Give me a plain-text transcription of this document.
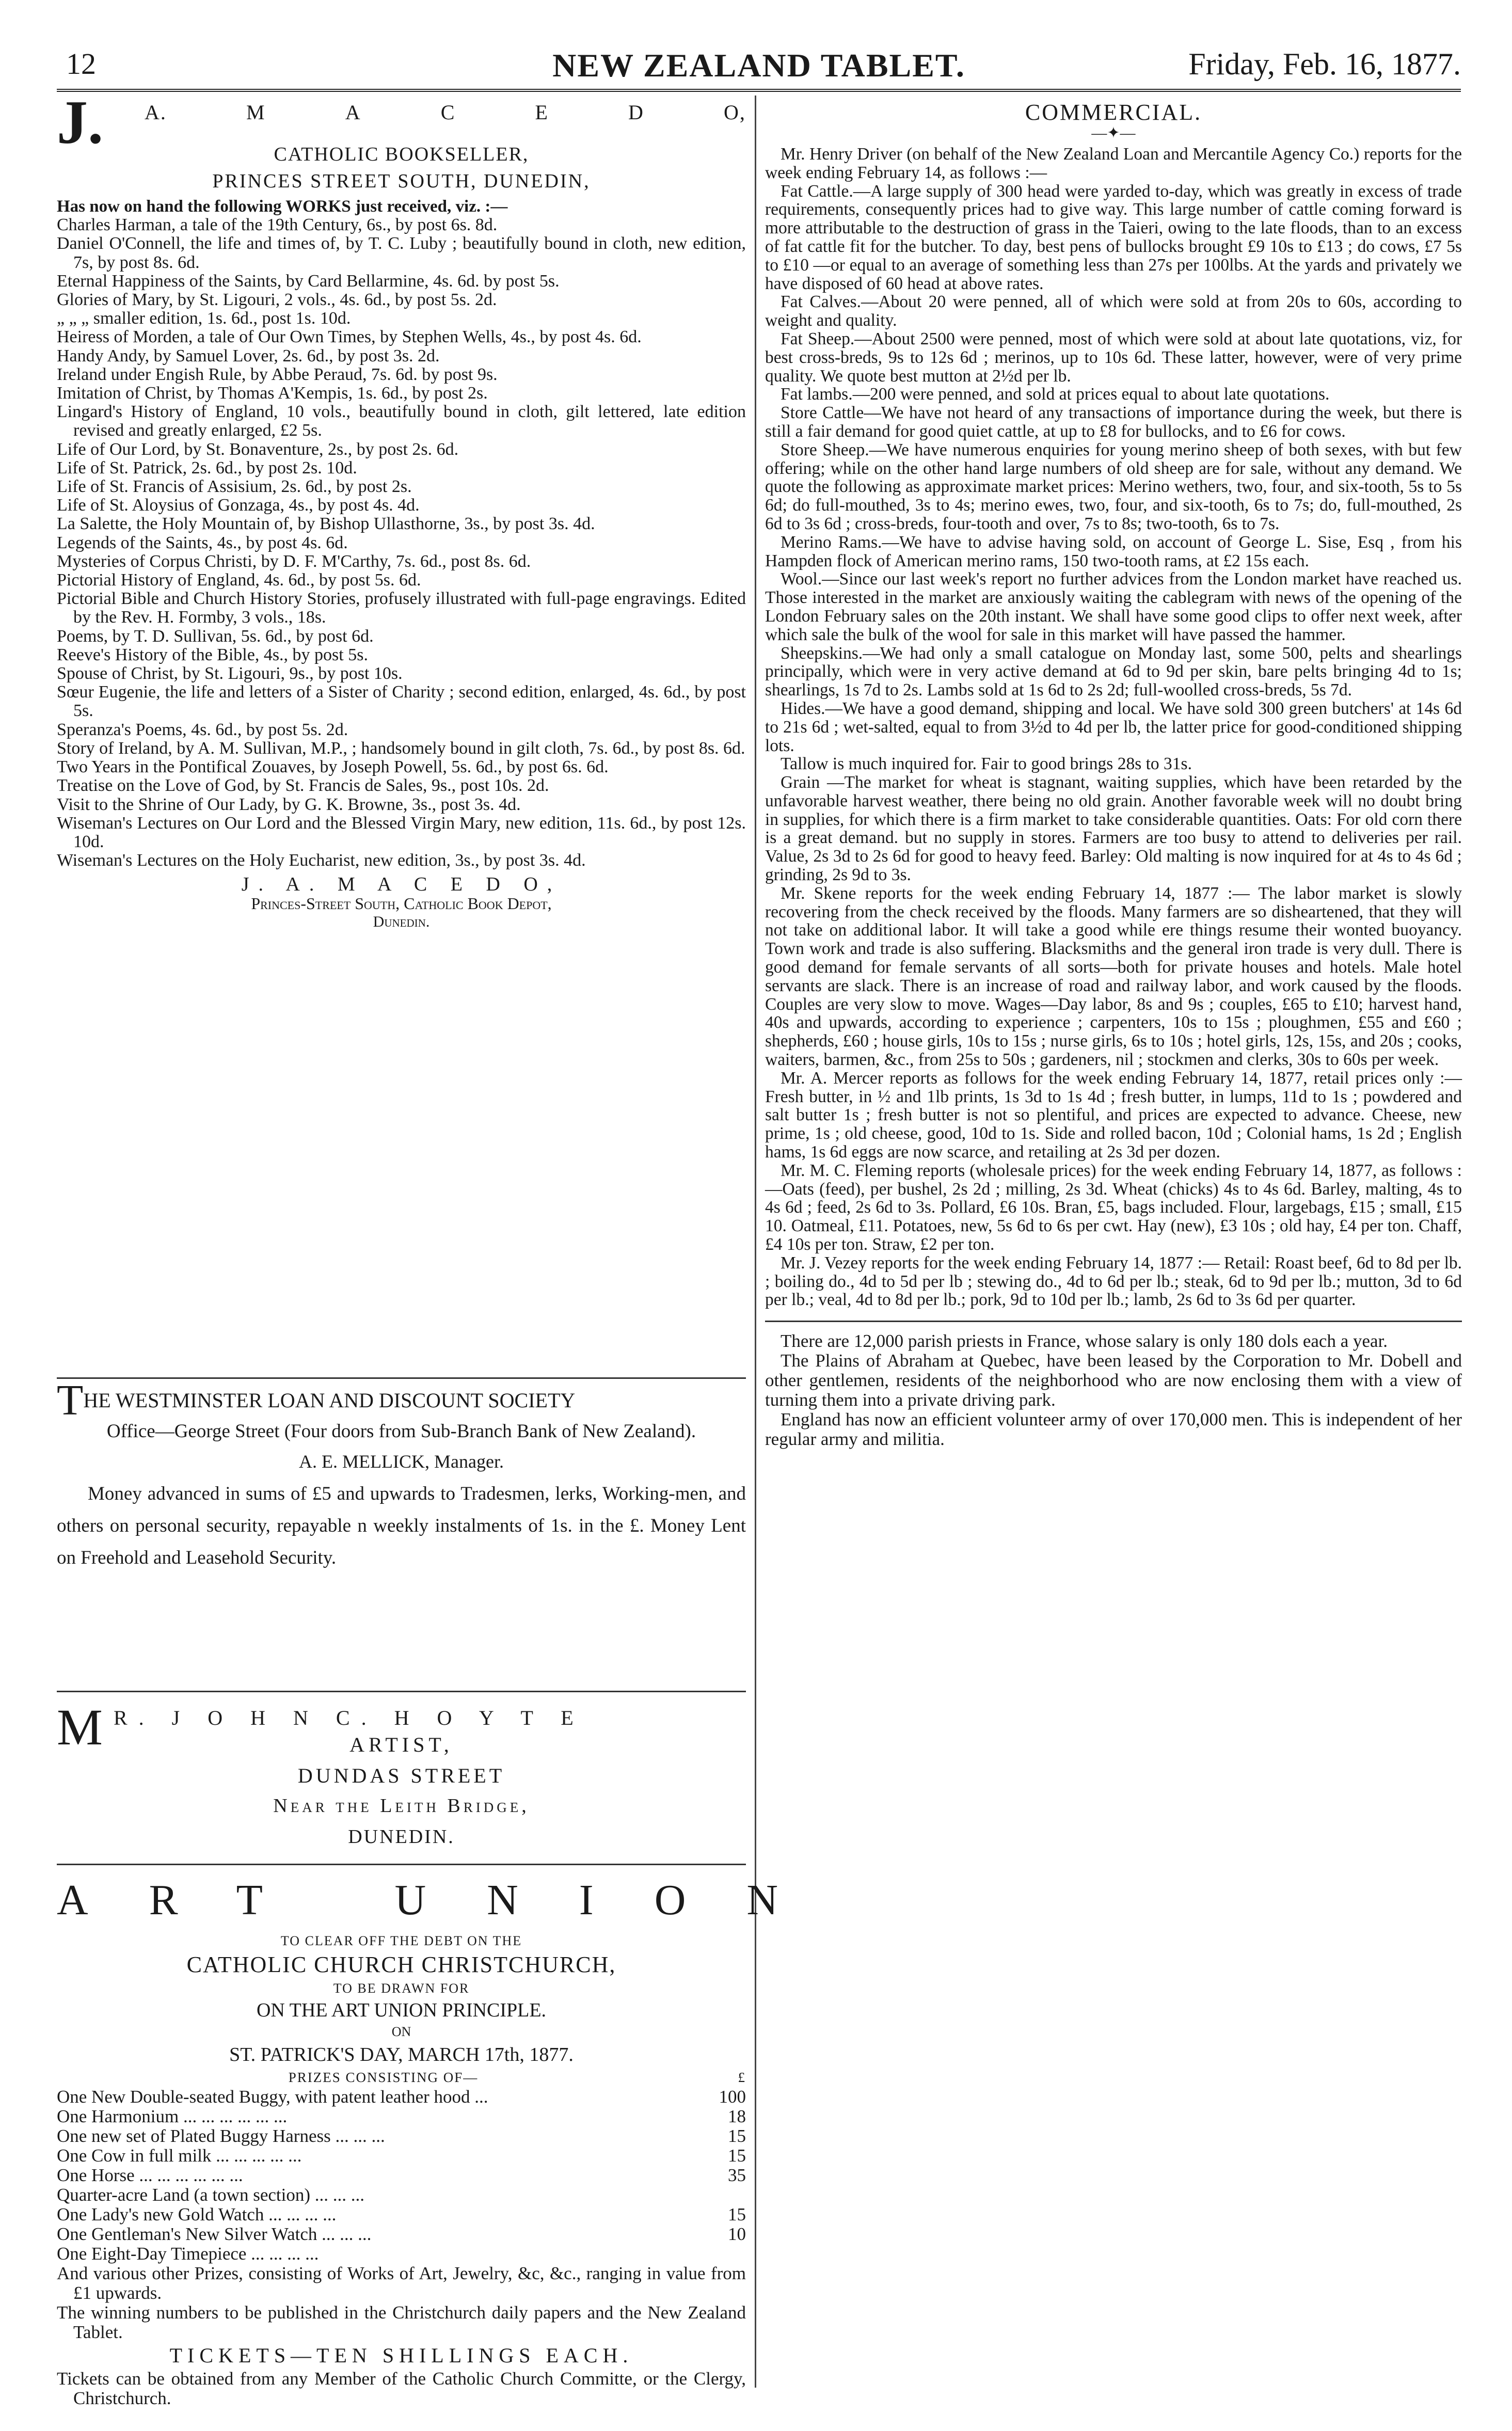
12	NEW ZEALAND TABLET.	Friday, Feb. 16, 1877.
J. A.	M	A	C	E	D	O,
CATHOLIC BOOKSELLER,
PRINCES STREET SOUTH, DUNEDIN,

Has now on hand the following WORKS just received, viz. :—

Charles Harman, a tale of the 19th Century, 6s., by post 6s. 8d.

Daniel O'Connell, the life and times of, by T. C. Luby ; beautifully bound in cloth, new edition, 7s, by post 8s. 6d.

Eternal Happiness of the Saints, by Card Bellarmine, 4s. 6d. by post 5s.

Glories of Mary, by St. Ligouri, 2 vols., 4s. 6d., by post 5s. 2d.

„ „ „ smaller edition, 1s. 6d., post 1s. 10d.

Heiress of Morden, a tale of Our Own Times, by Stephen Wells, 4s., by post 4s. 6d.

Handy Andy, by Samuel Lover, 2s. 6d., by post 3s. 2d.

Ireland under Engish Rule, by Abbe Peraud, 7s. 6d. by post 9s.

Imitation of Christ, by Thomas A'Kempis, 1s. 6d., by post 2s.

Lingard's History of England, 10 vols., beautifully bound in cloth, gilt lettered, late edition revised and greatly enlarged, £2 5s.

Life of Our Lord, by St. Bonaventure, 2s., by post 2s. 6d.

Life of St. Patrick, 2s. 6d., by post 2s. 10d.

Life of St. Francis of Assisium, 2s. 6d., by post 2s.

Life of St. Aloysius of Gonzaga, 4s., by post 4s. 4d.

La Salette, the Holy Mountain of, by Bishop Ullasthorne, 3s., by post 3s. 4d.

Legends of the Saints, 4s., by post 4s. 6d.

Mysteries of Corpus Christi, by D. F. M'Carthy, 7s. 6d., post 8s. 6d.

Pictorial History of England, 4s. 6d., by post 5s. 6d.

Pictorial Bible and Church History Stories, profusely illustrated with full-page engravings. Edited by the Rev. H. Formby, 3 vols., 18s.

Poems, by T. D. Sullivan, 5s. 6d., by post 6d.

Reeve's History of the Bible, 4s., by post 5s.

Spouse of Christ, by St. Ligouri, 9s., by post 10s.

Sœur Eugenie, the life and letters of a Sister of Charity ; second edition, enlarged, 4s. 6d., by post 5s.

Speranza's Poems, 4s. 6d., by post 5s. 2d.

Story of Ireland, by A. M. Sullivan, M.P., ; handsomely bound in gilt cloth, 7s. 6d., by post 8s. 6d.

Two Years in the Pontifical Zouaves, by Joseph Powell, 5s. 6d., by post 6s. 6d.

Treatise on the Love of God, by St. Francis de Sales, 9s., post 10s. 2d.

Visit to the Shrine of Our Lady, by G. K. Browne, 3s., post 3s. 4d.

Wiseman's Lectures on Our Lord and the Blessed Virgin Mary, new edition, 11s. 6d., by post 12s. 10d.

Wiseman's Lectures on the Holy Eucharist, new edition, 3s., by post 3s. 4d.

J. A. M A C E D O,

Princes-Street South, Catholic Book Depot,

Dunedin.

THE WESTMINSTER LOAN AND DISCOUNT SOCIETY

Office—George Street (Four doors from Sub-Branch Bank of New Zealand).

A. E. MELLICK, Manager.

Money advanced in sums of £5 and upwards to Tradesmen, lerks, Working-men, and others on personal security, repayable n weekly instalments of 1s. in the £. Money Lent on Freehold and Leasehold Security.

M R. J O H N C. H O Y T E
ARTIST,
DUNDAS STREET
Near the Leith Bridge,
DUNEDIN.
ART UNION

TO CLEAR OFF THE DEBT ON THE

CATHOLIC CHURCH CHRISTCHURCH,

TO BE DRAWN FOR

ON THE ART UNION PRINCIPLE.

ON

ST. PATRICK'S DAY, MARCH 17th, 1877.

PRIZES CONSISTING OF—	£
One New Double-seated Buggy, with patent leather hood ...	100
One Harmonium ... ... ... ... ... ...	18
One new set of Plated Buggy Harness ... ... ...	15
One Cow in full milk ... ... ... ... ...	15
One Horse ... ... ... ... ... ...	35
Quarter-acre Land (a town section) ... ... ...
One Lady's new Gold Watch ... ... ... ...	15
One Gentleman's New Silver Watch ... ... ...	10
One Eight-Day Timepiece ... ... ... ...

And various other Prizes, consisting of Works of Art, Jewelry, &c, &c., ranging in value from £1 upwards.

The winning numbers to be published in the Christchurch daily papers and the New Zealand Tablet.

TICKETS—TEN SHILLINGS EACH.

Tickets can be obtained from any Member of the Catholic Church Committe, or the Clergy, Christchurch.

COMMERCIAL.
—✦—

Mr. Henry Driver (on behalf of the New Zealand Loan and Mercantile Agency Co.) reports for the week ending February 14, as follows :—

Fat Cattle.—A large supply of 300 head were yarded to-day, which was greatly in excess of trade requirements, consequently prices had to give way. This large number of cattle coming forward is more attributable to the destruction of grass in the Taieri, owing to the late floods, than to an excess of fat cattle fit for the butcher. To day, best pens of bullocks brought £9 10s to £13 ; do cows, £7 5s to £10 —or equal to an average of something less than 27s per 100lbs. At the yards and privately we have disposed of 60 head at above rates.

Fat Calves.—About 20 were penned, all of which were sold at from 20s to 60s, according to weight and quality.

Fat Sheep.—About 2500 were penned, most of which were sold at about late quotations, viz, for best cross-breds, 9s to 12s 6d ; merinos, up to 10s 6d. These latter, however, were of very prime quality. We quote best mutton at 2½d per lb.

Fat lambs.—200 were penned, and sold at prices equal to about late quotations.

Store Cattle—We have not heard of any transactions of importance during the week, but there is still a fair demand for good quiet cattle, at up to £8 for bullocks, and to £6 for cows.

Store Sheep.—We have numerous enquiries for young merino sheep of both sexes, with but few offering; while on the other hand large numbers of old sheep are for sale, without any demand. We quote the following as approximate market prices: Merino wethers, two, four, and six-tooth, 5s to 5s 6d; do full-mouthed, 3s to 4s; merino ewes, two, four, and six-tooth, 6s to 7s; do, full-mouthed, 2s 6d to 3s 6d ; cross-breds, four-tooth and over, 7s to 8s; two-tooth, 6s to 7s.

Merino Rams.—We have to advise having sold, on account of George L. Sise, Esq , from his Hampden flock of American merino rams, 150 two-tooth rams, at £2 15s each.

Wool.—Since our last week's report no further advices from the London market have reached us. Those interested in the market are anxiously waiting the cablegram with news of the opening of the London February sales on the 20th instant. We shall have some good clips to offer next week, after which sale the bulk of the wool for sale in this market will have passed the hammer.

Sheepskins.—We had only a small catalogue on Monday last, some 500, pelts and shearlings principally, which were in very active demand at 6d to 9d per skin, bare pelts bringing 4d to 1s; shearlings, 1s 7d to 2s. Lambs sold at 1s 6d to 2s 2d; full-woolled cross-breds, 5s 7d.

Hides.—We have a good demand, shipping and local. We have sold 300 green butchers' at 14s 6d to 21s 6d ; wet-salted, equal to from 3½d to 4d per lb, the latter price for good-conditioned shipping lots.

Tallow is much inquired for. Fair to good brings 28s to 31s.

Grain —The market for wheat is stagnant, waiting supplies, which have been retarded by the unfavorable harvest weather, there being no old grain. Another favorable week will no doubt bring in supplies, for which there is a firm market to take considerable quantities. Oats: For old corn there is a great demand. but no supply in stores. Farmers are too busy to attend to deliveries per rail. Value, 2s 3d to 2s 6d for good to heavy feed. Barley: Old malting is now inquired for at 4s to 4s 6d ; grinding, 2s 9d to 3s.

Mr. Skene reports for the week ending February 14, 1877 :— The labor market is slowly recovering from the check received by the floods. Many farmers are so disheartened, that they will not take on additional labor. It will take a good while ere things resume their wonted buoyancy. Town work and trade is also suffering. Blacksmiths and the general iron trade is very dull. There is good demand for female servants of all sorts—both for private houses and hotels. Male hotel servants are slack. There is an increase of road and railway labor, and work caused by the floods. Couples are very slow to move. Wages—Day labor, 8s and 9s ; couples, £65 to £10; harvest hand, 40s and upwards, according to experience ; carpenters, 10s to 15s ; ploughmen, £55 and £60 ; shepherds, £60 ; house girls, 10s to 15s ; nurse girls, 6s to 10s ; hotel girls, 12s, 15s, and 20s ; cooks, waiters, barmen, &c., from 25s to 50s ; gardeners, nil ; stockmen and clerks, 30s to 60s per week.

Mr. A. Mercer reports as follows for the week ending February 14, 1877, retail prices only :—Fresh butter, in ½ and 1lb prints, 1s 3d to 1s 4d ; fresh butter, in lumps, 11d to 1s ; powdered and salt butter 1s ; fresh butter is not so plentiful, and prices are expected to advance. Cheese, new prime, 1s ; old cheese, good, 10d to 1s. Side and rolled bacon, 10d ; Colonial hams, 1s 2d ; English hams, 1s 6d eggs are now scarce, and retailing at 2s 3d per dozen.

Mr. M. C. Fleming reports (wholesale prices) for the week ending February 14, 1877, as follows :—Oats (feed), per bushel, 2s 2d ; milling, 2s 3d. Wheat (chicks) 4s to 4s 6d. Barley, malting, 4s to 4s 6d ; feed, 2s 6d to 3s. Pollard, £6 10s. Bran, £5, bags included. Flour, largebags, £15 ; small, £15 10. Oatmeal, £11. Potatoes, new, 5s 6d to 6s per cwt. Hay (new), £3 10s ; old hay, £4 per ton. Chaff, £4 10s per ton. Straw, £2 per ton.

Mr. J. Vezey reports for the week ending February 14, 1877 :— Retail: Roast beef, 6d to 8d per lb. ; boiling do., 4d to 5d per lb ; stewing do., 4d to 6d per lb.; steak, 6d to 9d per lb.; mutton, 3d to 6d per lb.; veal, 4d to 8d per lb.; pork, 9d to 10d per lb.; lamb, 2s 6d to 3s 6d per quarter.

There are 12,000 parish priests in France, whose salary is only 180 dols each a year.

The Plains of Abraham at Quebec, have been leased by the Corporation to Mr. Dobell and other gentlemen, residents of the neighborhood who are now enclosing them with a view of turning them into a private driving park.

England has now an efficient volunteer army of over 170,000 men. This is independent of her regular army and militia.
